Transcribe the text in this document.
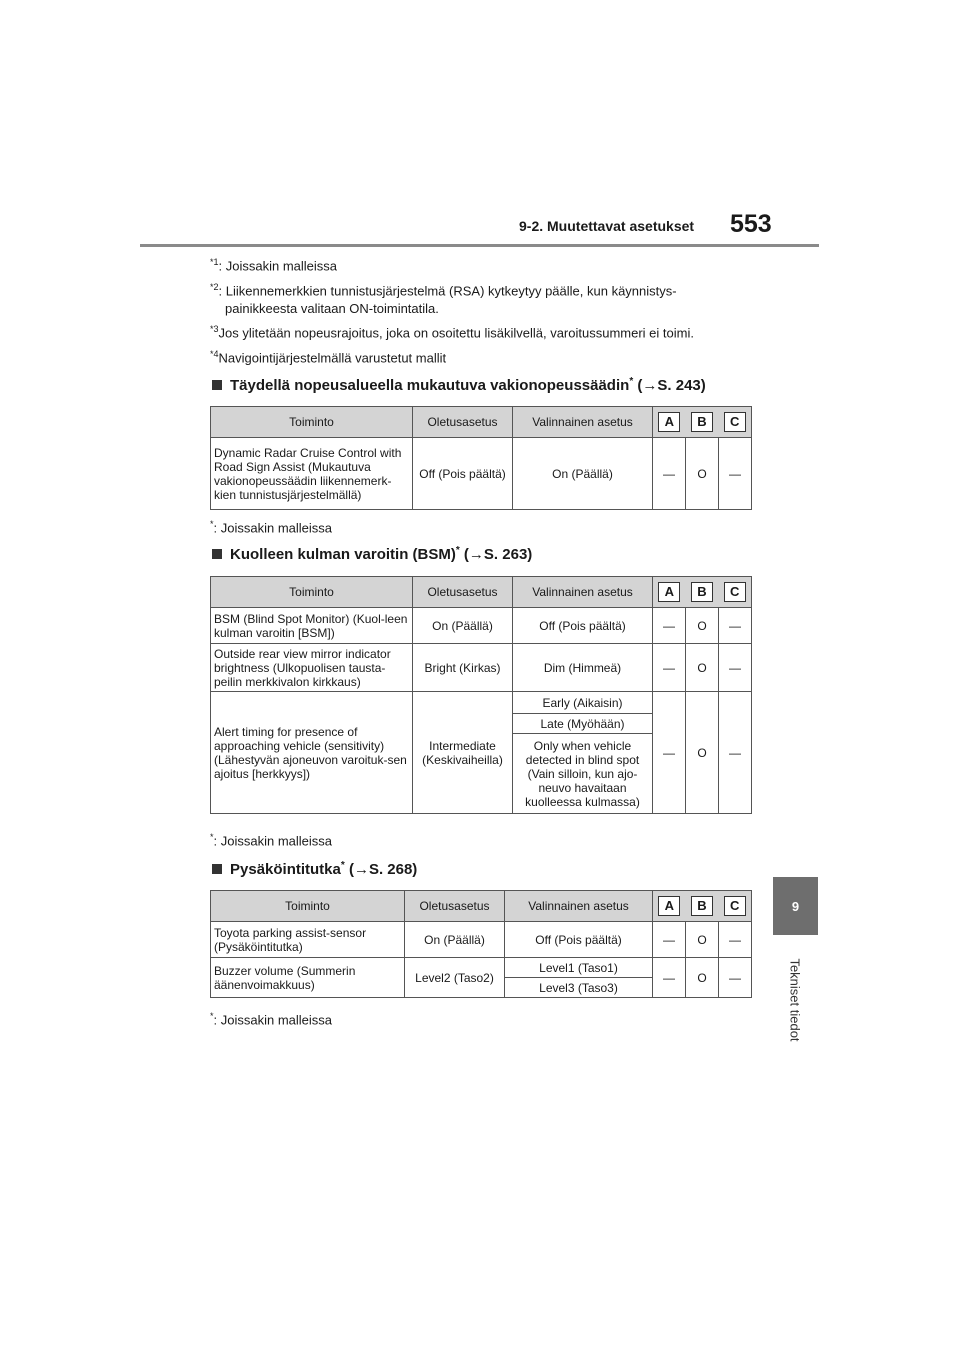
9-2. Muutettavat asetukset 553
9
Tekniset tiedot
$^{*1}$: Joissakin malleissa
$^{*2}$: Liikennemerkkien tunnistusjärjestelmä (RSA) kytkeytyy päälle, kun käynnistys-
painikkeesta valitaan ON-toimintatila.
$^{*3}$Jos ylitetään nopeusrajoitus, joka on osoitettu lisäkilvellä, varoitussummeri ei toimi.
$^{*4}$Navigointijärjestelmällä varustetut mallit
Täydellä nopeusalueella mukautuva vakionopeussäädin* (→S. 243)
Toiminto	Oletusasetus	Valinnainen asetus	A B C		

Dynamic Radar Cruise Control with Road Sign Assist (Mukautuva vakionopeussäädin liikennemerk-kien tunnistusjärjestelmällä)	Off (Pois päältä)	On (Päällä)	—	O	—
*: Joissakin malleissa
Kuolleen kulman varoitin (BSM)* (→S. 263)
Toiminto	Oletusasetus	Valinnainen asetus	A B C		

BSM (Blind Spot Monitor) (Kuol-leen kulman varoitin [BSM])	On (Päällä)	Off (Pois päältä)	—	O	—
Outside rear view mirror indicator brightness (Ulkopuolisen tausta-peilin merkkivalon kirkkaus)	Bright (Kirkas)	Dim (Himmeä)	—	O	—
Alert timing for presence of approaching vehicle (sensitivity) (Lähestyvän ajoneuvon varoituk-sen ajoitus [herkkyys])	Intermediate (Keskivaiheilla)	Early (Aikaisin)	—	O	—
		Late (Myöhään)			
		Only when vehicle detected in blind spot (Vain silloin, kun ajo-neuvo havaitaan kuolleessa kulmassa)			
*: Joissakin malleissa
Pysäköintitutka* (→S. 268)
Toiminto	Oletusasetus	Valinnainen asetus	A B C		

Toyota parking assist-sensor (Pysäköintitutka)	On (Päällä)	Off (Pois päältä)	—	O	—
Buzzer volume (Summerin äänenvoimakkuus)	Level2 (Taso2)	Level1 (Taso1)	—	O	—
		Level3 (Taso3)			
*: Joissakin malleissa
